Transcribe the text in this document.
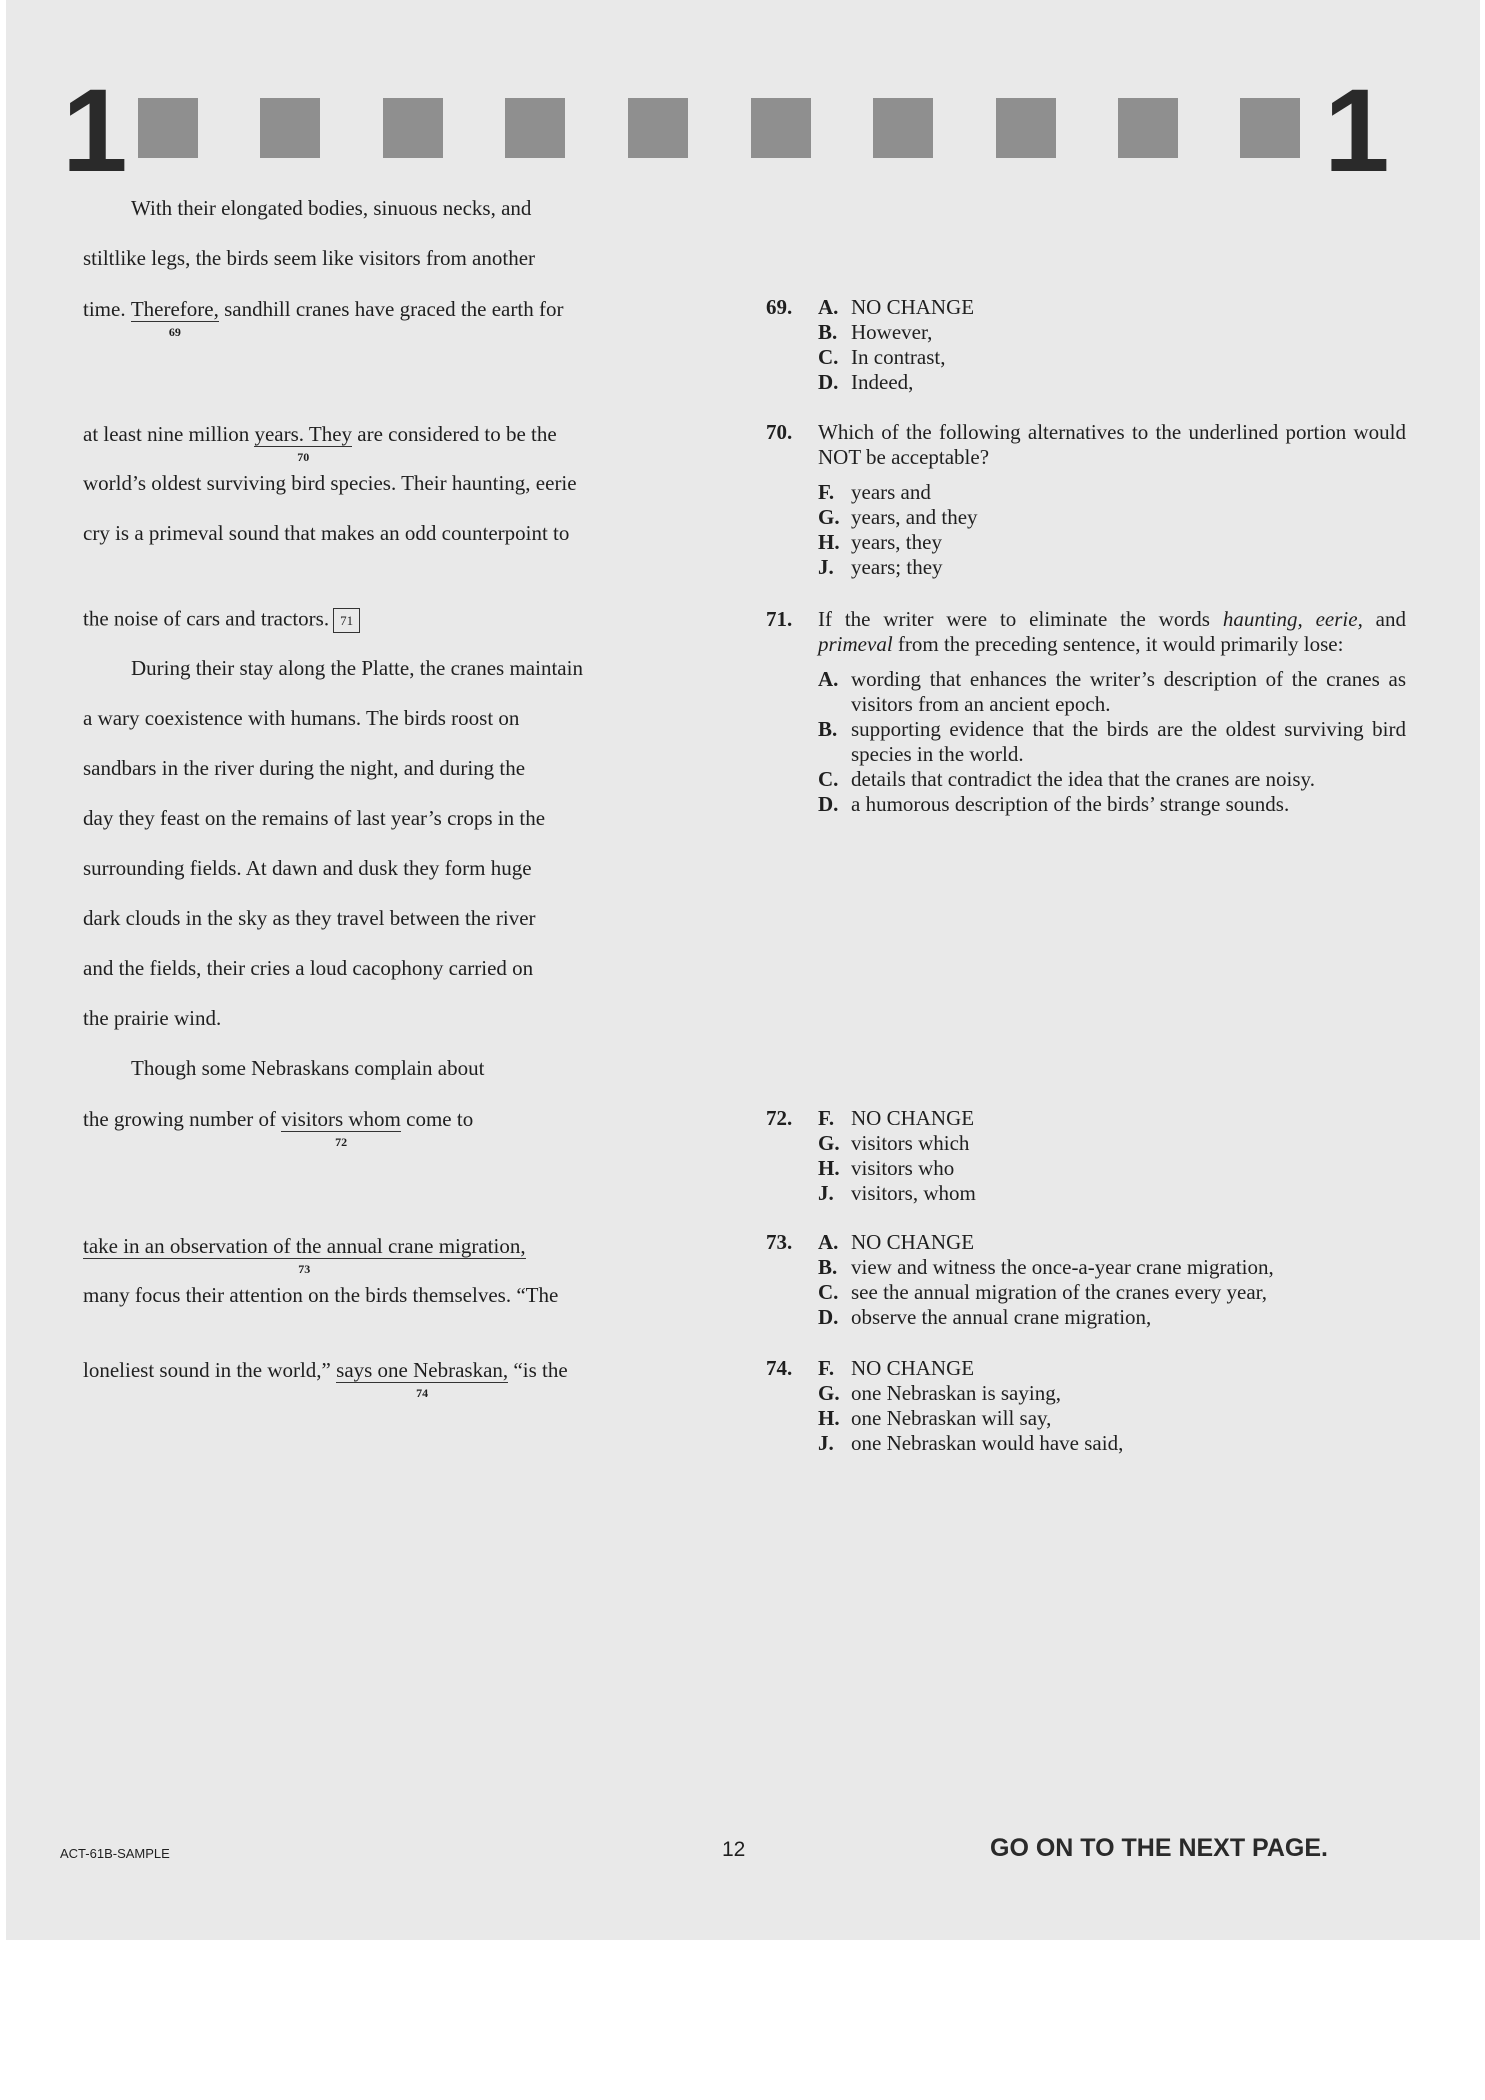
1	1
With their elongated bodies, sinuous necks, and
stiltlike legs, the birds seem like visitors from another
time. Therefore,
69
sandhill cranes have graced the earth for
at least nine million years. They
70
are considered to be the
world’s oldest surviving bird species. Their haunting, eerie
cry is a primeval sound that makes an odd counterpoint to
the noise of cars and tractors. 71
During their stay along the Platte, the cranes maintain
a wary coexistence with humans. The birds roost on
sandbars in the river during the night, and during the
day they feast on the remains of last year’s crops in the
surrounding fields. At dawn and dusk they form huge
dark clouds in the sky as they travel between the river
and the fields, their cries a loud cacophony carried on
the prairie wind.
Though some Nebraskans complain about
the growing number of visitors whom
72
come to
take in an observation of the annual crane migration,
73
many focus their attention on the birds themselves. “The
loneliest sound in the world,” says one Nebraskan,
74
“is the
69. A. NO CHANGE
B. However,
C. In contrast,
D. Indeed,
70. Which of the following alternatives to the underlined portion would NOT be acceptable?
F. years and
G. years, and they
H. years, they
J. years; they
71. If the writer were to eliminate the words haunting, eerie, and primeval from the preceding sentence, it would primarily lose:
A. wording that enhances the writer’s description of the cranes as visitors from an ancient epoch.
B. supporting evidence that the birds are the oldest surviving bird species in the world.
C. details that contradict the idea that the cranes are noisy.
D. a humorous description of the birds’ strange sounds.
72. F. NO CHANGE
G. visitors which
H. visitors who
J. visitors, whom
73. A. NO CHANGE
B. view and witness the once-a-year crane migration,
C. see the annual migration of the cranes every year,
D. observe the annual crane migration,
74. F. NO CHANGE
G. one Nebraskan is saying,
H. one Nebraskan will say,
J. one Nebraskan would have said,
ACT-61B-SAMPLE	12	GO ON TO THE NEXT PAGE.
